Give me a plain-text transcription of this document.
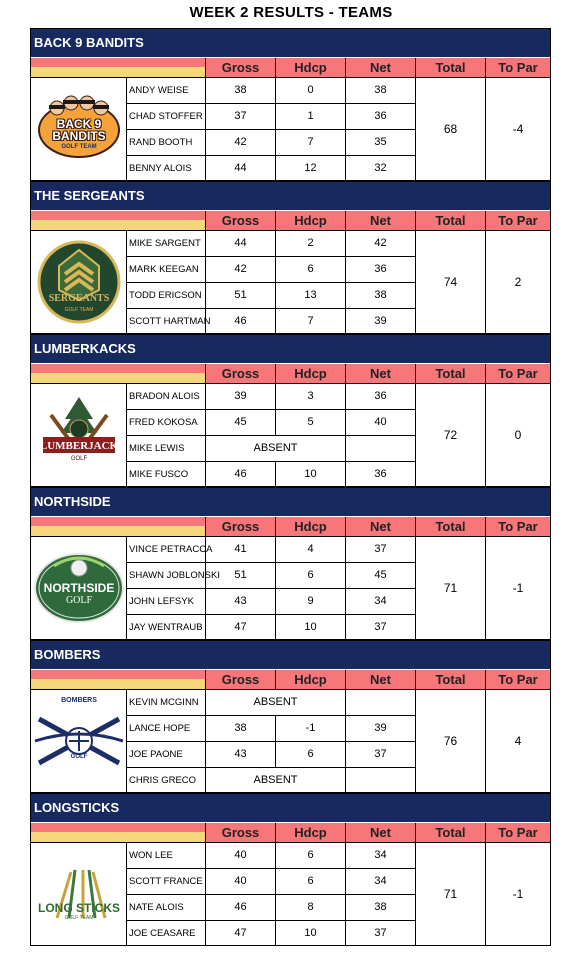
WEEK 2 RESULTS - TEAMS
BACK 9 BANDITS
Gross	Hdcp	Net	Total	To Par
BACK 9 BANDITS
GOLF TEAM
ANDY WEISE	38	0	38
CHAD STOFFER	37	1	36
RAND BOOTH	42	7	35
BENNY ALOIS	44	12	32
68	-4
THE SERGEANTS
Gross	Hdcp	Net	Total	To Par
SERGEANTS
GOLF TEAM
MIKE SARGENT	44	2	42
MARK KEEGAN	42	6	36
TODD ERICSON	51	13	38
SCOTT HARTMAN	46	7	39
74	2
LUMBERKACKS
Gross	Hdcp	Net	Total	To Par
LUMBERJACK
GOLF
BRADON ALOIS	39	3	36
FRED KOKOSA	45	5	40
MIKE LEWIS	ABSENT
MIKE FUSCO	46	10	36
72	0
NORTHSIDE
Gross	Hdcp	Net	Total	To Par
NORTHSIDE
GOLF
VINCE PETRACCA	41	4	37
SHAWN JOBLONSKI	51	6	45
JOHN LEFSYK	43	9	34
JAY WENTRAUB	47	10	37
71	-1
BOMBERS
Gross	Hdcp	Net	Total	To Par
BOMBERS
GOLF
KEVIN MCGINN	ABSENT
LANCE HOPE	38	-1	39
JOE PAONE	43	6	37
CHRIS GRECO	ABSENT
76	4
LONGSTICKS
Gross	Hdcp	Net	Total	To Par
LONG STICKS
GOLF TEAM
WON LEE	40	6	34
SCOTT FRANCE	40	6	34
NATE ALOIS	46	8	38
JOE CEASARE	47	10	37
71	-1
